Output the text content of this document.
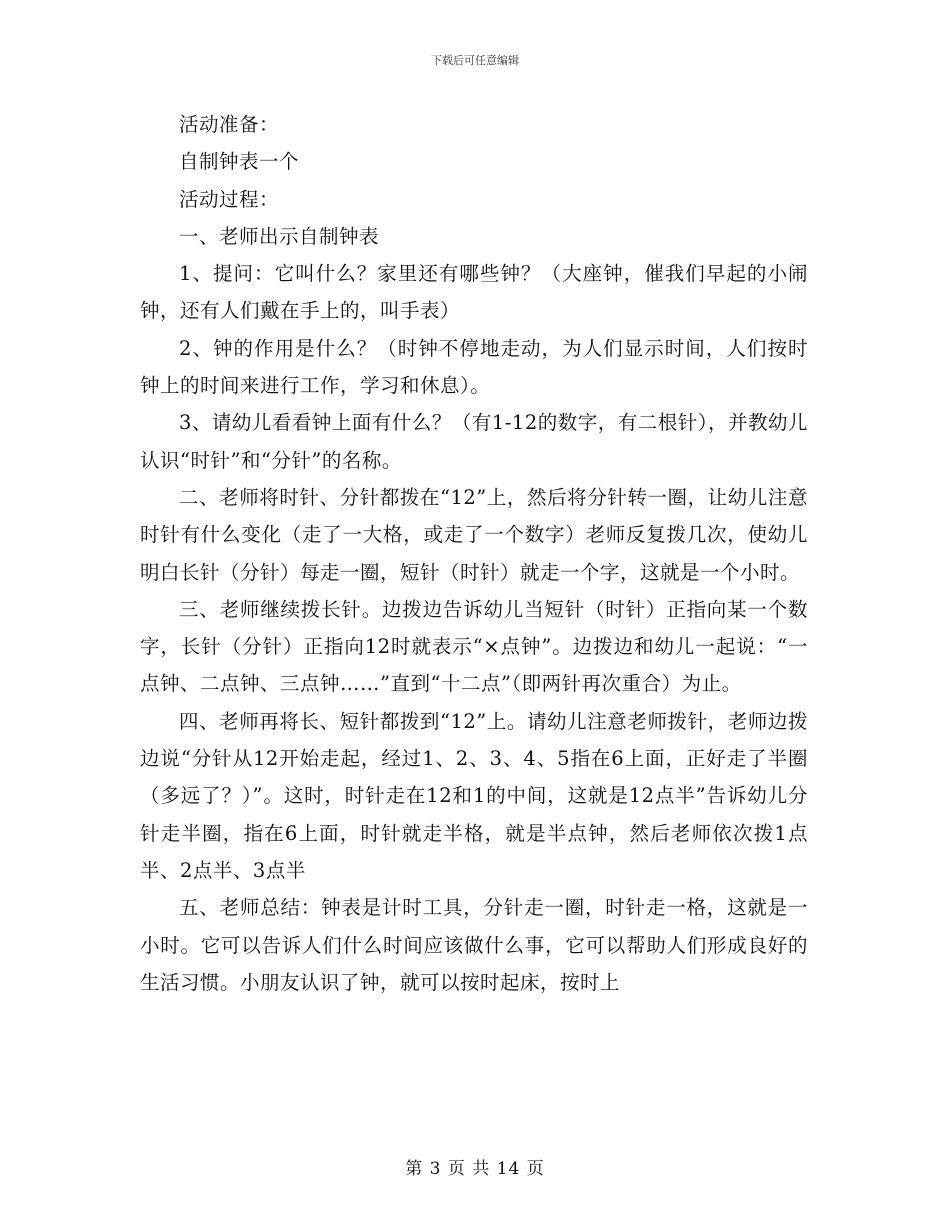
下载后可任意编辑

活动准备：

自制钟表一个

活动过程：

一、老师出示自制钟表

1、提问：它叫什么？家里还有哪些钟？（大座钟，催我们早起的小闹钟，还有人们戴在手上的，叫手表）

2、钟的作用是什么？（时钟不停地走动，为人们显示时间，人们按时钟上的时间来进行工作，学习和休息）。

3、请幼儿看看钟上面有什么？（有1-12的数字，有二根针），并教幼儿认识“时针”和“分针”的名称。

二、老师将时针、分针都拨在“12”上，然后将分针转一圈，让幼儿注意时针有什么变化（走了一大格，或走了一个数字）老师反复拨几次，使幼儿明白长针（分针）每走一圈，短针（时针）就走一个字，这就是一个小时。

三、老师继续拨长针。边拨边告诉幼儿当短针（时针）正指向某一个数字，长针（分针）正指向12时就表示“×点钟”。边拨边和幼儿一起说：“一点钟、二点钟、三点钟……”直到“十二点”（即两针再次重合）为止。

四、老师再将长、短针都拨到“12”上。请幼儿注意老师拨针，老师边拨边说“分针从12开始走起，经过1、2、3、4、5指在6上面，正好走了半圈（多远了？）”。这时，时针走在12和1的中间，这就是12点半”告诉幼儿分针走半圈，指在6上面，时针就走半格，就是半点钟，然后老师依次拨1点半、2点半、3点半

五、老师总结：钟表是计时工具，分针走一圈，时针走一格，这就是一小时。它可以告诉人们什么时间应该做什么事，它可以帮助人们形成良好的生活习惯。小朋友认识了钟，就可以按时起床，按时上

第 3 页 共 14 页
